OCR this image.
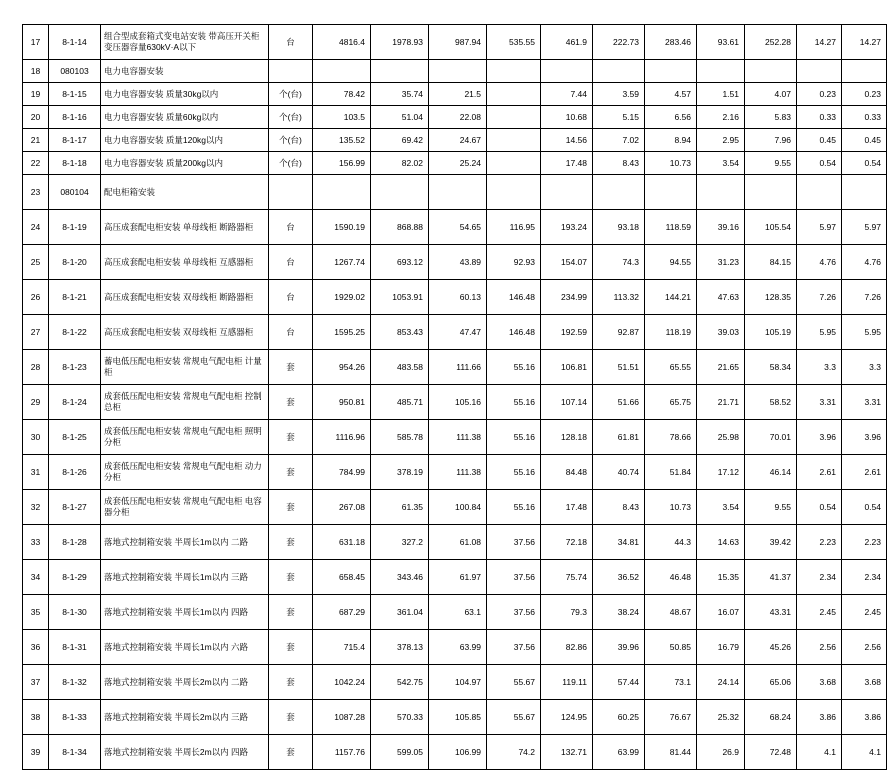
17	8-1-14	组合型成套箱式变电站安装 带高压开关柜 变压器容量630kV·A以下	台	4816.4	1978.93	987.94	535.55	461.9	222.73	283.46	93.61	252.28	14.27	14.27
18	080103	电力电容器安装												
19	8-1-15	电力电容器安装 质量30kg以内	个(台)	78.42	35.74	21.5		7.44	3.59	4.57	1.51	4.07	0.23	0.23
20	8-1-16	电力电容器安装 质量60kg以内	个(台)	103.5	51.04	22.08		10.68	5.15	6.56	2.16	5.83	0.33	0.33
21	8-1-17	电力电容器安装 质量120kg以内	个(台)	135.52	69.42	24.67		14.56	7.02	8.94	2.95	7.96	0.45	0.45
22	8-1-18	电力电容器安装 质量200kg以内	个(台)	156.99	82.02	25.24		17.48	8.43	10.73	3.54	9.55	0.54	0.54
23	080104	配电柜箱安装												
24	8-1-19	高压成套配电柜安装 单母线柜 断路器柜	台	1590.19	868.88	54.65	116.95	193.24	93.18	118.59	39.16	105.54	5.97	5.97
25	8-1-20	高压成套配电柜安装 单母线柜 互感器柜	台	1267.74	693.12	43.89	92.93	154.07	74.3	94.55	31.23	84.15	4.76	4.76
26	8-1-21	高压成套配电柜安装 双母线柜 断路器柜	台	1929.02	1053.91	60.13	146.48	234.99	113.32	144.21	47.63	128.35	7.26	7.26
27	8-1-22	高压成套配电柜安装 双母线柜 互感器柜	台	1595.25	853.43	47.47	146.48	192.59	92.87	118.19	39.03	105.19	5.95	5.95
28	8-1-23	蓄电低压配电柜安装 常规电气配电柜 计量柜	套	954.26	483.58	111.66	55.16	106.81	51.51	65.55	21.65	58.34	3.3	3.3
29	8-1-24	成套低压配电柜安装 常规电气配电柜 控制总柜	套	950.81	485.71	105.16	55.16	107.14	51.66	65.75	21.71	58.52	3.31	3.31
30	8-1-25	成套低压配电柜安装 常规电气配电柜 照明分柜	套	1116.96	585.78	111.38	55.16	128.18	61.81	78.66	25.98	70.01	3.96	3.96
31	8-1-26	成套低压配电柜安装 常规电气配电柜 动力分柜	套	784.99	378.19	111.38	55.16	84.48	40.74	51.84	17.12	46.14	2.61	2.61
32	8-1-27	成套低压配电柜安装 常规电气配电柜 电容器分柜	套	267.08	61.35	100.84	55.16	17.48	8.43	10.73	3.54	9.55	0.54	0.54
33	8-1-28	落地式控制箱安装 半周长1m以内 二路	套	631.18	327.2	61.08	37.56	72.18	34.81	44.3	14.63	39.42	2.23	2.23
34	8-1-29	落地式控制箱安装 半周长1m以内 三路	套	658.45	343.46	61.97	37.56	75.74	36.52	46.48	15.35	41.37	2.34	2.34
35	8-1-30	落地式控制箱安装 半周长1m以内 四路	套	687.29	361.04	63.1	37.56	79.3	38.24	48.67	16.07	43.31	2.45	2.45
36	8-1-31	落地式控制箱安装 半周长1m以内 六路	套	715.4	378.13	63.99	37.56	82.86	39.96	50.85	16.79	45.26	2.56	2.56
37	8-1-32	落地式控制箱安装 半周长2m以内 二路	套	1042.24	542.75	104.97	55.67	119.11	57.44	73.1	24.14	65.06	3.68	3.68
38	8-1-33	落地式控制箱安装 半周长2m以内 三路	套	1087.28	570.33	105.85	55.67	124.95	60.25	76.67	25.32	68.24	3.86	3.86
39	8-1-34	落地式控制箱安装 半周长2m以内 四路	套	1157.76	599.05	106.99	74.2	132.71	63.99	81.44	26.9	72.48	4.1	4.1
